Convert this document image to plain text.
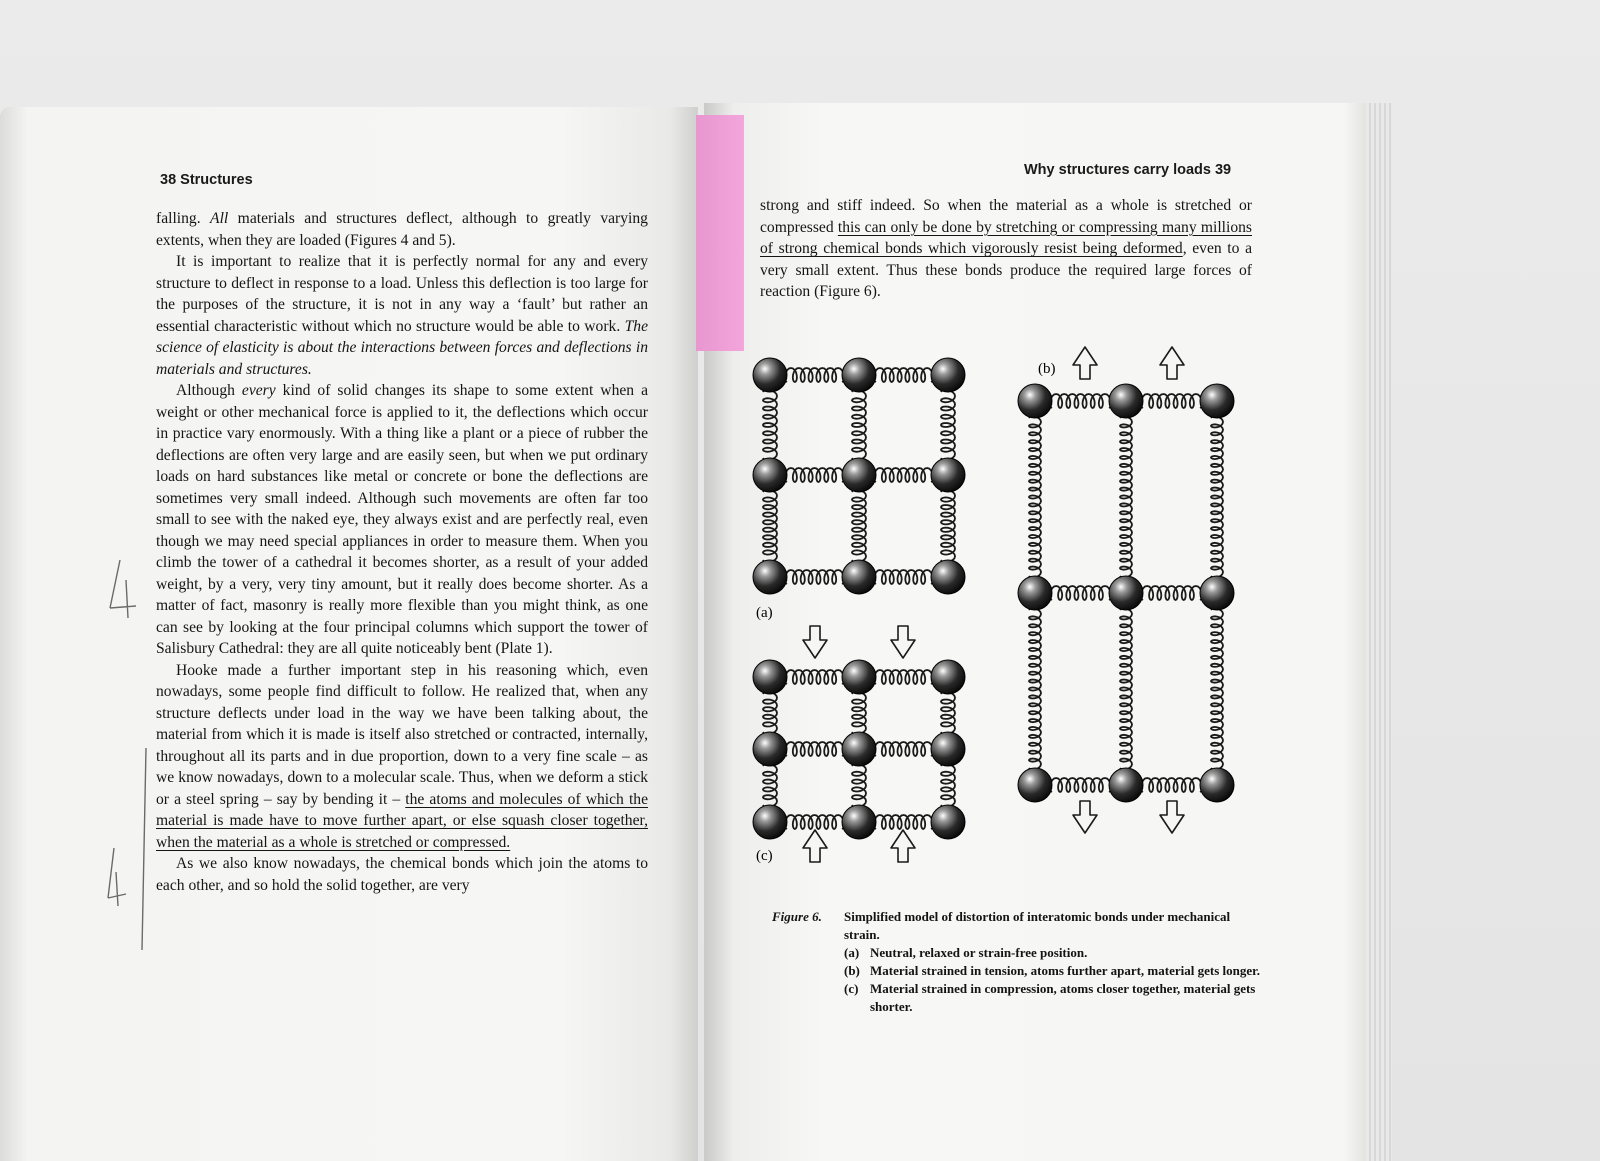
38 Structures
Why structures carry loads 39

falling. All materials and structures deflect, although to greatly varying extents, when they are loaded (Figures 4 and 5).

It is important to realize that it is perfectly normal for any and every structure to deflect in response to a load. Unless this deflection is too large for the purposes of the structure, it is not in any way a ‘fault’ but rather an essential characteristic without which no structure would be able to work. The science of elasticity is about the interactions between forces and deflections in materials and structures.

Although every kind of solid changes its shape to some extent when a weight or other mechanical force is applied to it, the deflections which occur in practice vary enormously. With a thing like a plant or a piece of rubber the deflections are often very large and are easily seen, but when we put ordinary loads on hard substances like metal or concrete or bone the deflections are sometimes very small indeed. Although such movements are often far too small to see with the naked eye, they always exist and are perfectly real, even though we may need special appliances in order to measure them. When you climb the tower of a cathedral it becomes shorter, as a result of your added weight, by a very, very tiny amount, but it really does become shorter. As a matter of fact, masonry is really more flexible than you might think, as one can see by looking at the four principal columns which support the tower of Salisbury Cathedral: they are all quite noticeably bent (Plate 1).

Hooke made a further important step in his reasoning which, even nowadays, some people find difficult to follow. He realized that, when any structure deflects under load in the way we have been talking about, the material from which it is made is itself also stretched or contracted, internally, throughout all its parts and in due proportion, down to a very fine scale – as we know nowadays, down to a molecular scale. Thus, when we deform a stick or a steel spring – say by bending it – the atoms and molecules of which the material is made have to move further apart, or else squash closer together, when the material as a whole is stretched or compressed.

As we also know nowadays, the chemical bonds which join the atoms to each other, and so hold the solid together, are very

strong and stiff indeed. So when the material as a whole is stretched or compressed this can only be done by stretching or compressing many millions of strong chemical bonds which vigorously resist being deformed, even to a very small extent. Thus these bonds produce the required large forces of reaction (Figure 6).

(a)
(b)
(c)
Figure 6.	Simplified model of distortion of interatomic bonds under mechanical strain.
(a) Neutral, relaxed or strain-free position.
(b) Material strained in tension, atoms further apart, material gets longer.
(c) Material strained in compression, atoms closer together, material gets shorter.
